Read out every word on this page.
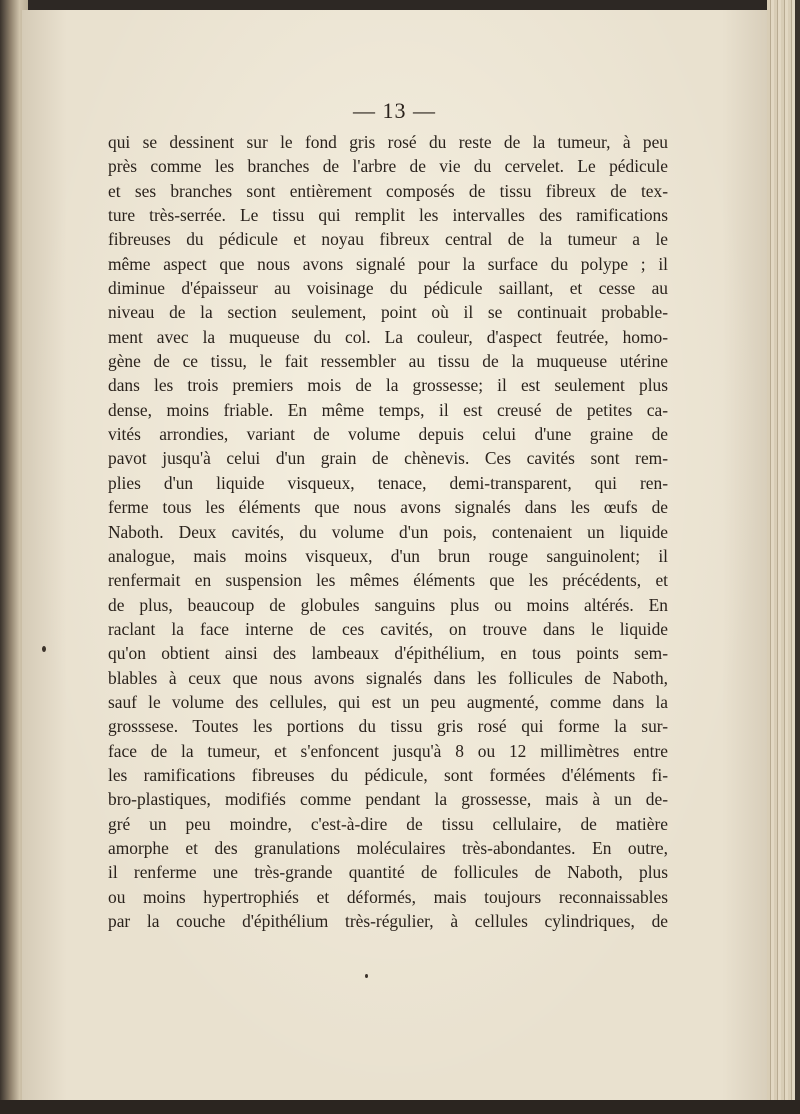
— 13 —
qui se dessinent sur le fond gris rosé du reste de la tumeur, à peu
près comme les branches de l'arbre de vie du cervelet. Le pédicule
et ses branches sont entièrement composés de tissu fibreux de tex-
ture très-serrée. Le tissu qui remplit les intervalles des ramifications
fibreuses du pédicule et noyau fibreux central de la tumeur a le
même aspect que nous avons signalé pour la surface du polype ; il
diminue d'épaisseur au voisinage du pédicule saillant, et cesse au
niveau de la section seulement, point où il se continuait probable-
ment avec la muqueuse du col. La couleur, d'aspect feutrée, homo-
gène de ce tissu, le fait ressembler au tissu de la muqueuse utérine
dans les trois premiers mois de la grossesse; il est seulement plus
dense, moins friable. En même temps, il est creusé de petites ca-
vités arrondies, variant de volume depuis celui d'une graine de
pavot jusqu'à celui d'un grain de chènevis. Ces cavités sont rem-
plies d'un liquide visqueux, tenace, demi-transparent, qui ren-
ferme tous les éléments que nous avons signalés dans les œufs de
Naboth. Deux cavités, du volume d'un pois, contenaient un liquide
analogue, mais moins visqueux, d'un brun rouge sanguinolent; il
renfermait en suspension les mêmes éléments que les précédents, et
de plus, beaucoup de globules sanguins plus ou moins altérés. En
raclant la face interne de ces cavités, on trouve dans le liquide
qu'on obtient ainsi des lambeaux d'épithélium, en tous points sem-
blables à ceux que nous avons signalés dans les follicules de Naboth,
sauf le volume des cellules, qui est un peu augmenté, comme dans la
grosssese. Toutes les portions du tissu gris rosé qui forme la sur-
face de la tumeur, et s'enfoncent jusqu'à 8 ou 12 millimètres entre
les ramifications fibreuses du pédicule, sont formées d'éléments fi-
bro-plastiques, modifiés comme pendant la grossesse, mais à un de-
gré un peu moindre, c'est-à-dire de tissu cellulaire, de matière
amorphe et des granulations moléculaires très-abondantes. En outre,
il renferme une très-grande quantité de follicules de Naboth, plus
ou moins hypertrophiés et déformés, mais toujours reconnaissables
par la couche d'épithélium très-régulier, à cellules cylindriques, de
